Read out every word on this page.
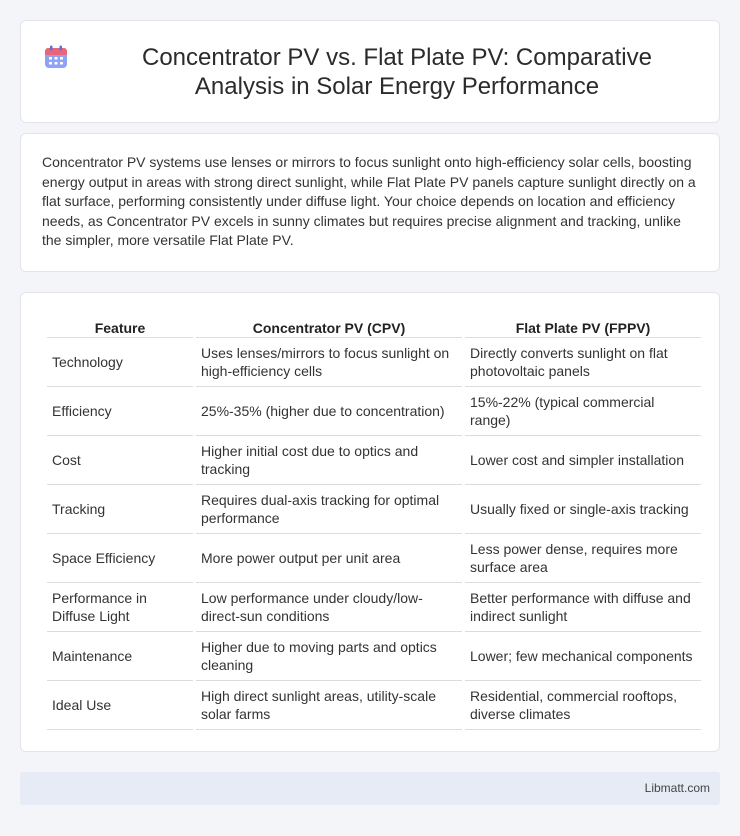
Concentrator PV vs. Flat Plate PV: Comparative Analysis in Solar Energy Performance

Concentrator PV systems use lenses or mirrors to focus sunlight onto high-efficiency solar cells, boosting energy output in areas with strong direct sunlight, while Flat Plate PV panels capture sunlight directly on a flat surface, performing consistently under diffuse light. Your choice depends on location and efficiency needs, as Concentrator PV excels in sunny climates but requires precise alignment and tracking, unlike the simpler, more versatile Flat Plate PV.

Feature	Concentrator PV (CPV)	Flat Plate PV (FPPV)
Technology	Uses lenses/mirrors to focus sunlight on high-efficiency cells	Directly converts sunlight on flat photovoltaic panels
Efficiency	25%-35% (higher due to concentration)	15%-22% (typical commercial range)
Cost	Higher initial cost due to optics and tracking	Lower cost and simpler installation
Tracking	Requires dual-axis tracking for optimal performance	Usually fixed or single-axis tracking
Space Efficiency	More power output per unit area	Less power dense, requires more surface area
Performance in Diffuse Light	Low performance under cloudy/low-direct-sun conditions	Better performance with diffuse and indirect sunlight
Maintenance	Higher due to moving parts and optics cleaning	Lower; few mechanical components
Ideal Use	High direct sunlight areas, utility-scale solar farms	Residential, commercial rooftops, diverse climates
Libmatt.com
